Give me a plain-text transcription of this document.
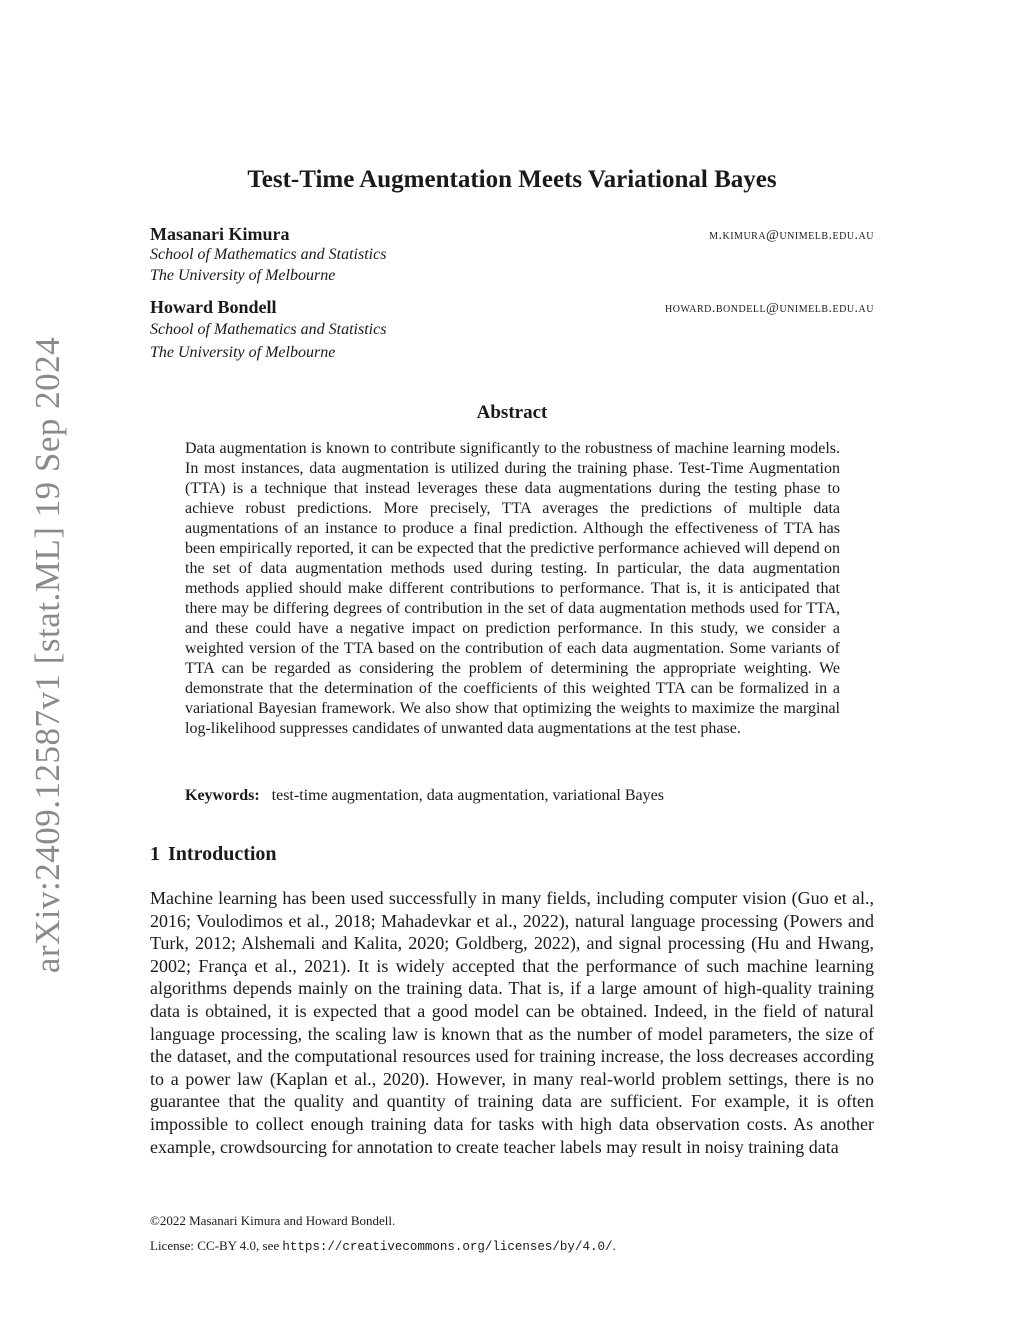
arXiv:2409.12587v1 [stat.ML] 19 Sep 2024
Test-Time Augmentation Meets Variational Bayes
Masanari Kimura	m.kimura@unimelb.edu.au
School of Mathematics and Statistics
The University of Melbourne
Howard Bondell	howard.bondell@unimelb.edu.au
School of Mathematics and Statistics
The University of Melbourne
Abstract
Data augmentation is known to contribute significantly to the robustness of machine learning models. In most instances, data augmentation is utilized during the training phase. Test-Time Augmentation (TTA) is a technique that instead leverages these data augmentations during the testing phase to achieve robust predictions. More precisely, TTA averages the predictions of multiple data augmentations of an instance to produce a final prediction. Although the effectiveness of TTA has been empirically reported, it can be expected that the predictive performance achieved will depend on the set of data augmentation methods used during testing. In particular, the data augmentation methods applied should make different contributions to performance. That is, it is anticipated that there may be differing degrees of contribution in the set of data augmentation methods used for TTA, and these could have a negative impact on prediction performance. In this study, we consider a weighted version of the TTA based on the contribution of each data augmentation. Some variants of TTA can be regarded as considering the problem of determining the appropriate weighting. We demonstrate that the determination of the coefficients of this weighted TTA can be formalized in a variational Bayesian framework. We also show that optimizing the weights to maximize the marginal log-likelihood suppresses candidates of unwanted data augmentations at the test phase.
Keywords: test-time augmentation, data augmentation, variational Bayes
1 Introduction
Machine learning has been used successfully in many fields, including computer vision (Guo et al., 2016; Voulodimos et al., 2018; Mahadevkar et al., 2022), natural language processing (Powers and Turk, 2012; Alshemali and Kalita, 2020; Goldberg, 2022), and signal processing (Hu and Hwang, 2002; França et al., 2021). It is widely accepted that the performance of such machine learning algorithms depends mainly on the training data. That is, if a large amount of high-quality training data is obtained, it is expected that a good model can be obtained. Indeed, in the field of natural language processing, the scaling law is known that as the number of model parameters, the size of the dataset, and the computational resources used for training increase, the loss decreases according to a power law (Kaplan et al., 2020). However, in many real-world problem settings, there is no guarantee that the quality and quantity of training data are sufficient. For example, it is often impossible to collect enough training data for tasks with high data observation costs. As another example, crowdsourcing for annotation to create teacher labels may result in noisy training data
©2022 Masanari Kimura and Howard Bondell.
License: CC-BY 4.0, see https://creativecommons.org/licenses/by/4.0/.
